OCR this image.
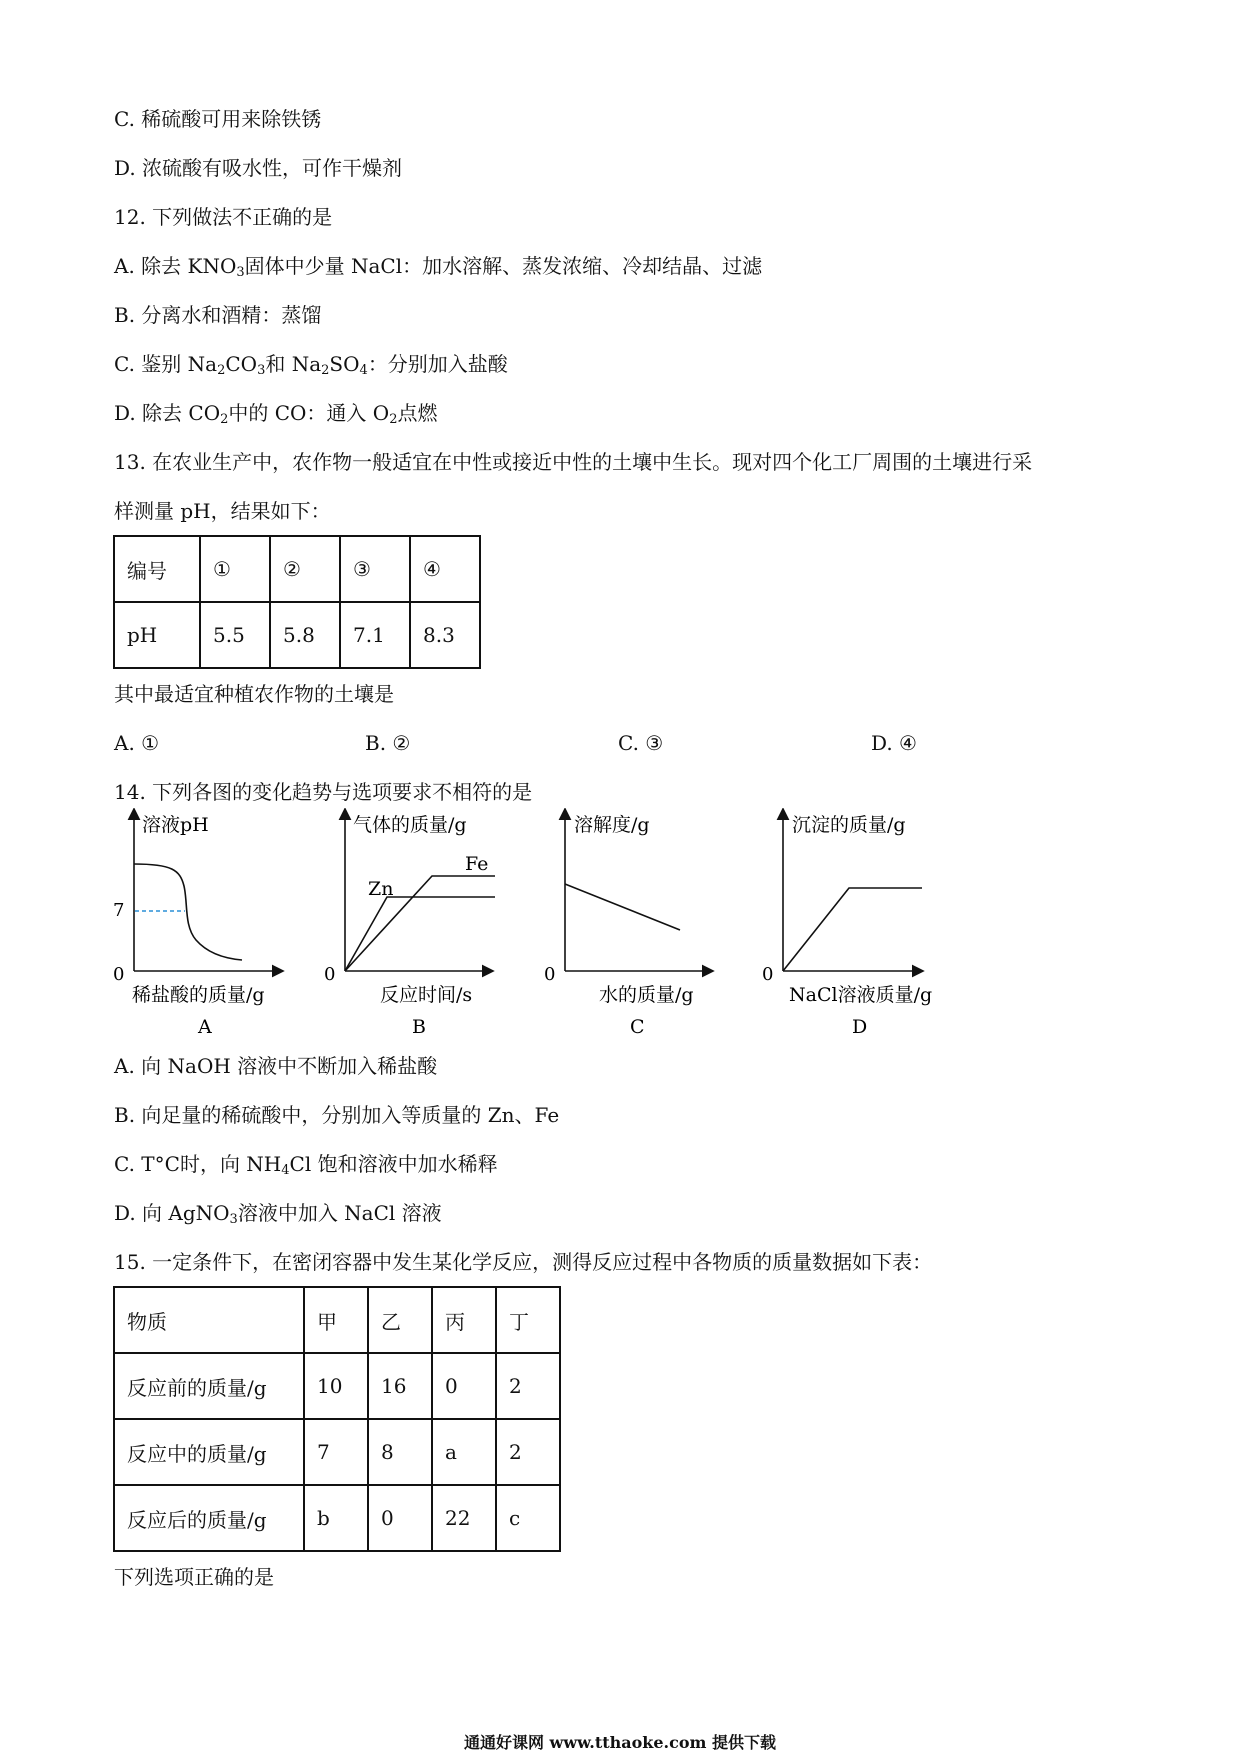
C. 稀硫酸可用来除铁锈
D. 浓硫酸有吸水性，可作干燥剂
12. 下列做法不正确的是
A. 除去 $KNO_3$固体中少量 NaCl：加水溶解、蒸发浓缩、冷却结晶、过滤
B. 分离水和酒精：蒸馏
C. 鉴别 $Na_2CO_3$和 $Na_2SO_4$：分别加入盐酸
D. 除去 $CO_2$中的 CO：通入 $O_2$点燃
13. 在农业生产中，农作物一般适宜在中性或接近中性的土壤中生长。现对四个化工厂周围的土壤进行采
样测量 pH，结果如下：
编号	①	②	③	④
pH	5.5	5.8	7.1	8.3
其中最适宜种植农作物的土壤是
A. ①	B. ②	C. ③	D. ④
14. 下列各图的变化趋势与选项要求不相符的是
溶液pH
7
0
稀盐酸的质量/g
A
气体的质量/g
0
Zn
Fe
反应时间/s
B
溶解度/g
0
水的质量/g
C
沉淀的质量/g
0
NaCl溶液质量/g
D
A. 向 NaOH 溶液中不断加入稀盐酸
B. 向足量的稀硫酸中，分别加入等质量的 Zn、Fe
C. T°C时，向 $NH_4Cl$ 饱和溶液中加水稀释
D. 向 AgNO$_3$溶液中加入 NaCl 溶液
15. 一定条件下，在密闭容器中发生某化学反应，测得反应过程中各物质的质量数据如下表：
物质	甲	乙	丙	丁
反应前的质量/g	10	16	0	2
反应中的质量/g	7	8	a	2
反应后的质量/g	b	0	22	c
下列选项正确的是
通通好课网 www.tthaoke.com 提供下载
